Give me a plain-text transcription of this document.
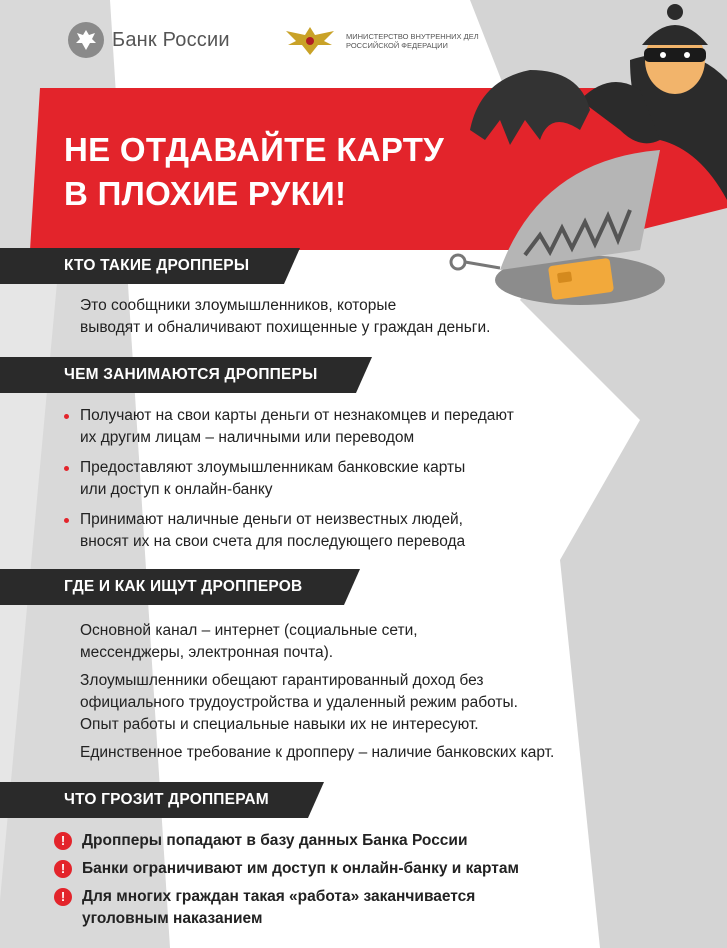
Банк России	МИНИСТЕРСТВО ВНУТРЕННИХ ДЕЛ
РОССИЙСКОЙ ФЕДЕРАЦИИ
НЕ ОТДАВАЙТЕ КАРТУ
В ПЛОХИЕ РУКИ!
КТО ТАКИЕ ДРОППЕРЫ

Это сообщники злоумышленников, которые
выводят и обналичивают похищенные у граждан деньги.

ЧЕМ ЗАНИМАЮТСЯ ДРОППЕРЫ
Получают на свои карты деньги от незнакомцев и передают
их другим лицам – наличными или переводом
Предоставляют злоумышленникам банковские карты
или доступ к онлайн-банку
Принимают наличные деньги от неизвестных людей,
вносят их на свои счета для последующего перевода
ГДЕ И КАК ИЩУТ ДРОППЕРОВ

Основной канал – интернет (социальные сети,
мессенджеры, электронная почта).

Злоумышленники обещают гарантированный доход без
официального трудоустройства и удаленный режим работы.
Опыт работы и специальные навыки их не интересуют.

Единственное требование к дропперу – наличие банковских карт.

ЧТО ГРОЗИТ ДРОППЕРАМ
!	Дропперы попадают в базу данных Банка России
!	Банки ограничивают им доступ к онлайн-банку и картам
!	Для многих граждан такая «работа» заканчивается
уголовным наказанием
